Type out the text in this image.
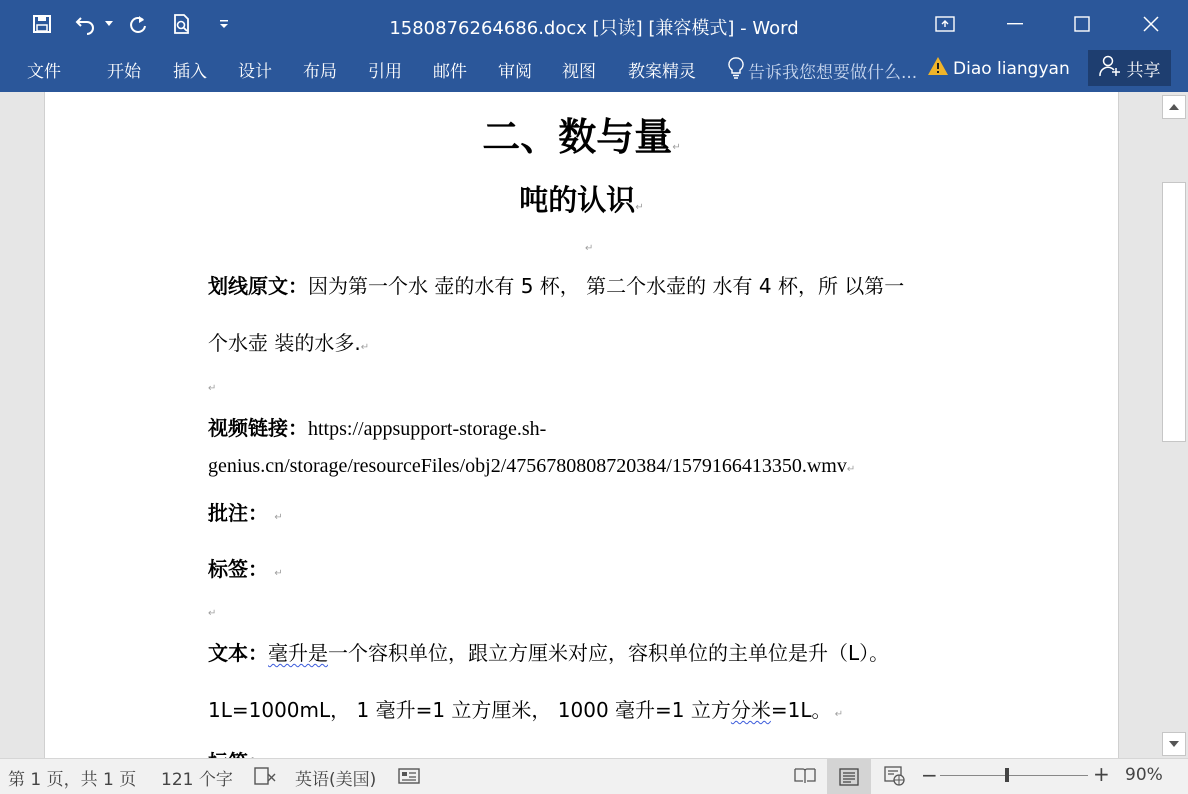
1580876264686.docx [只读] [兼容模式] - Word
文件	开始 插入 设计 布局 引用 邮件 审阅 视图 教案精灵	告诉我您想要做什么... Diao liangyan	共享
二、数与量↵
吨的认识↵
↵
划线原文：因为第一个水 壶的水有 5 杯， 第二个水壶的 水有 4 杯，所 以第一
个水壶 装的水多.↵
↵
视频链接：https://appsupport-storage.sh-
genius.cn/storage/resourceFiles/obj2/4756780808720384/1579166413350.wmv↵
批注： ↵
标签： ↵
↵
文本：毫升是一个容积单位，跟立方厘米对应，容积单位的主单位是升（L）。
1L=1000mL， 1 毫升=1 立方厘米， 1000 毫升=1 立方分米=1L。 ↵
第 1 页，共 1 页 121 个字	英语(美国)	−	+ 90%
